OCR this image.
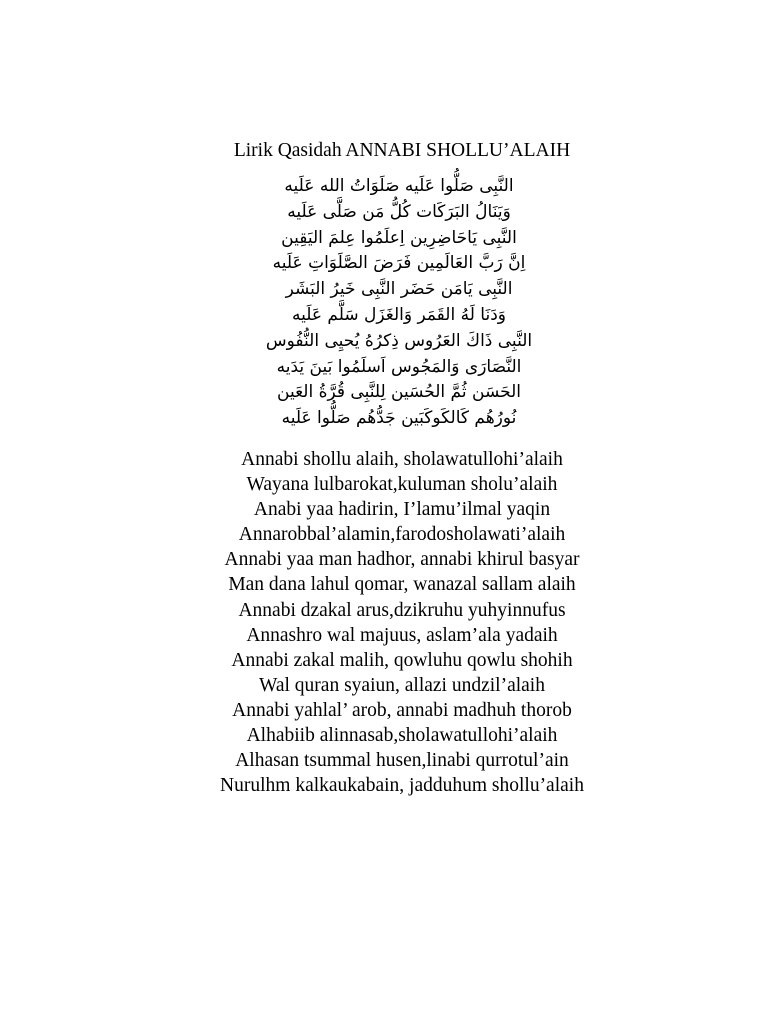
Lirik Qasidah ANNABI SHOLLU’ALAIH
النَّبِى صَلُّوا عَلَيه صَلَوَاتُ الله عَلَيه
وَيَنَالُ البَرَكَات كُلُّ مَن صَلَّى عَلَيه
النَّبِى يَاحَاضِرِين اِعلَمُوا عِلمَ اليَقِين
اِنَّ رَبَّ العَالَمِين فَرَضَ الصَّلَوَاتِ عَلَيه
النَّبِى يَامَن حَضَر النَّبِى خَيرُ البَشَر
وَدَنَا لَهُ القَمَر وَالغَزَل سَلَّم عَلَيه
النَّبِى ذَاكَ العَرُوس ذِكرُهُ يُحيِى النُّفُوس
النَّصَارَى وَالمَجُوس اَسلَمُوا بَينَ يَدَيه
الحَسَن ثُمَّ الحُسَين لِلنَّبِى قُرَّةُ العَين
نُورُهُم كَالكَوكَبَين جَدُّهُم صَلُّوا عَلَيه
Annabi shollu alaih, sholawatullohi’alaih
Wayana lulbarokat,kuluman sholu’alaih
Anabi yaa hadirin, I’lamu’ilmal yaqin
Annarobbal’alamin,farodosholawati’alaih
Annabi yaa man hadhor, annabi khirul basyar
Man dana lahul qomar, wanazal sallam alaih
Annabi dzakal arus,dzikruhu yuhyinnufus
Annashro wal majuus, aslam’ala yadaih
Annabi zakal malih, qowluhu qowlu shohih
Wal quran syaiun, allazi undzil’alaih
Annabi yahlal’ arob, annabi madhuh thorob
Alhabiib alinnasab,sholawatullohi’alaih
Alhasan tsummal husen,linabi qurrotul’ain
Nurulhm kalkaukabain, jadduhum shollu’alaih
